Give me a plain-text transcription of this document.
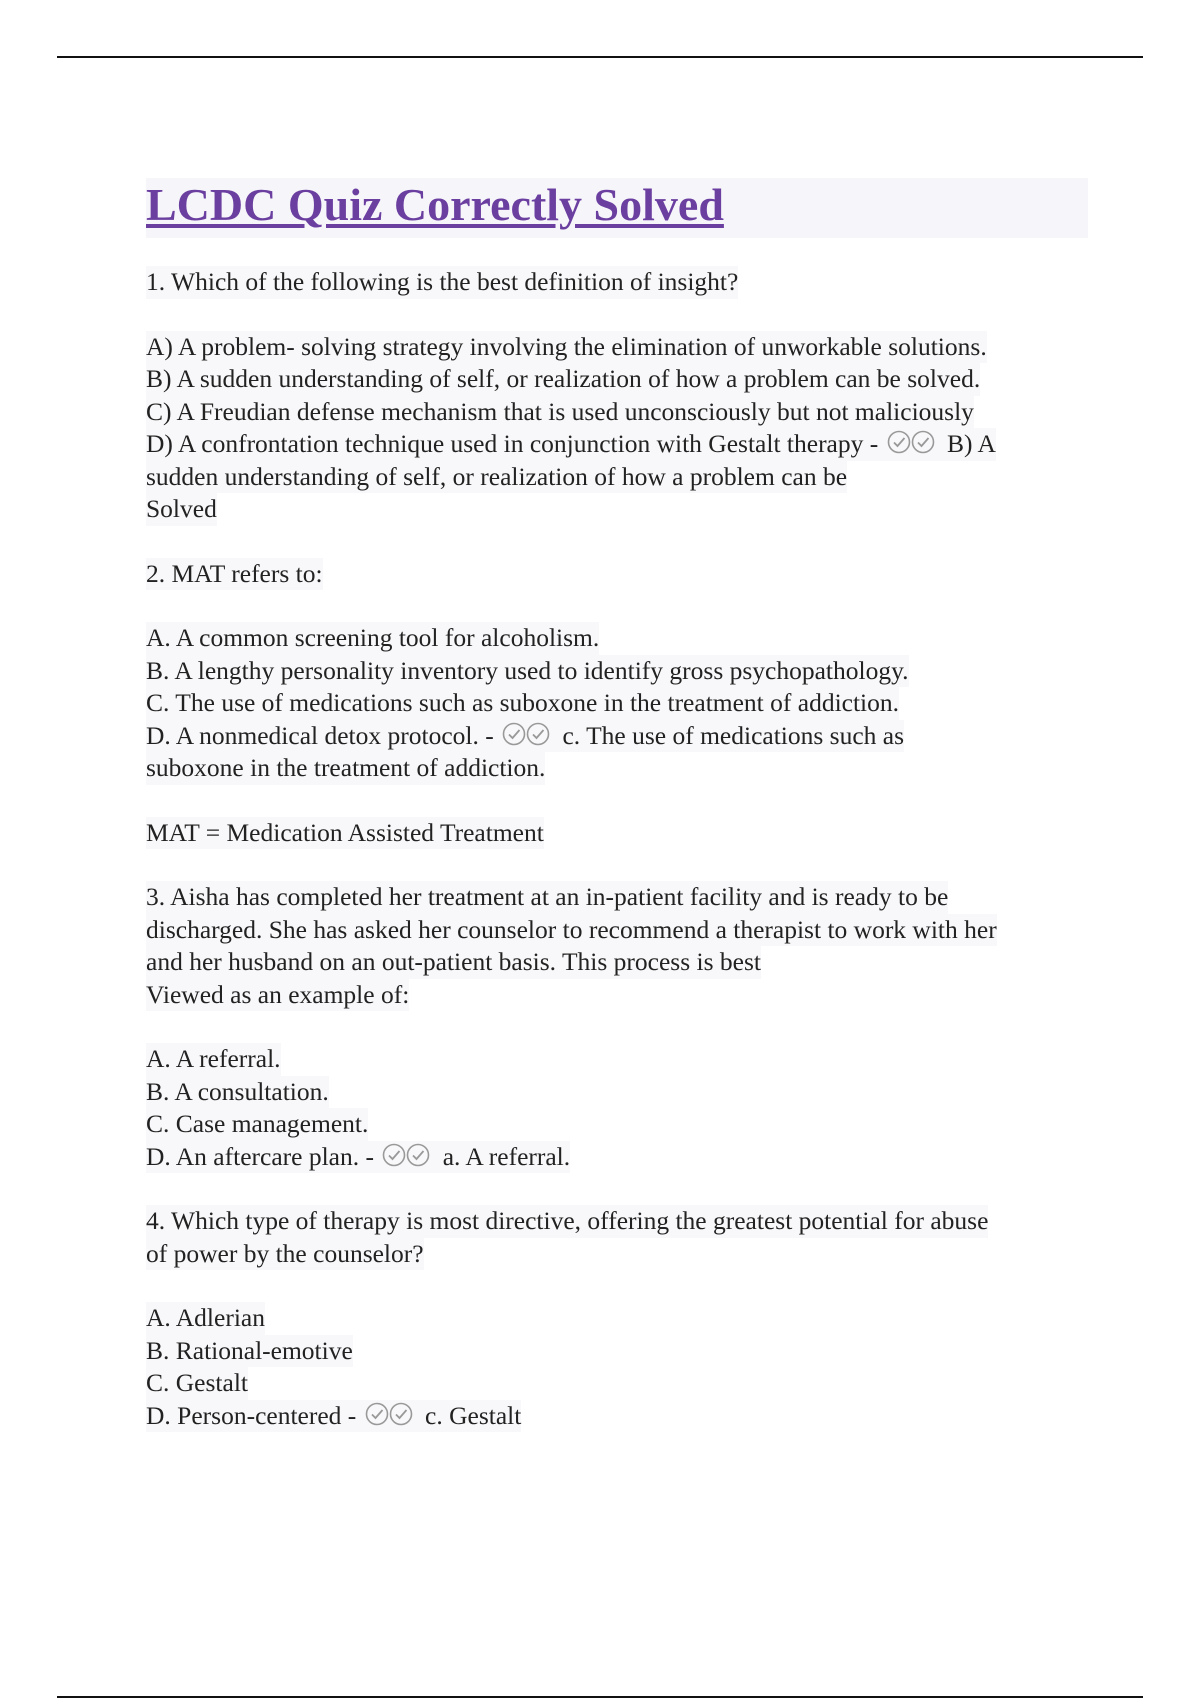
LCDC Quiz Correctly Solved
1. Which of the following is the best definition of insight?
A) A problem- solving strategy involving the elimination of unworkable solutions.
B) A sudden understanding of self, or realization of how a problem can be solved.
C) A Freudian defense mechanism that is used unconsciously but not maliciously
D) A confrontation technique used in conjunction with Gestalt therapy -	B) A
sudden understanding of self, or realization of how a problem can be
Solved
2. MAT refers to:
A. A common screening tool for alcoholism.
B. A lengthy personality inventory used to identify gross psychopathology.
C. The use of medications such as suboxone in the treatment of addiction.
D. A nonmedical detox protocol. -	c. The use of medications such as
suboxone in the treatment of addiction.
MAT = Medication Assisted Treatment
3. Aisha has completed her treatment at an in-patient facility and is ready to be
discharged. She has asked her counselor to recommend a therapist to work with her
and her husband on an out-patient basis. This process is best
Viewed as an example of:
A. A referral.
B. A consultation.
C. Case management.
D. An aftercare plan. -	a. A referral.
4. Which type of therapy is most directive, offering the greatest potential for abuse
of power by the counselor?
A. Adlerian
B. Rational-emotive
C. Gestalt
D. Person-centered -	c. Gestalt
